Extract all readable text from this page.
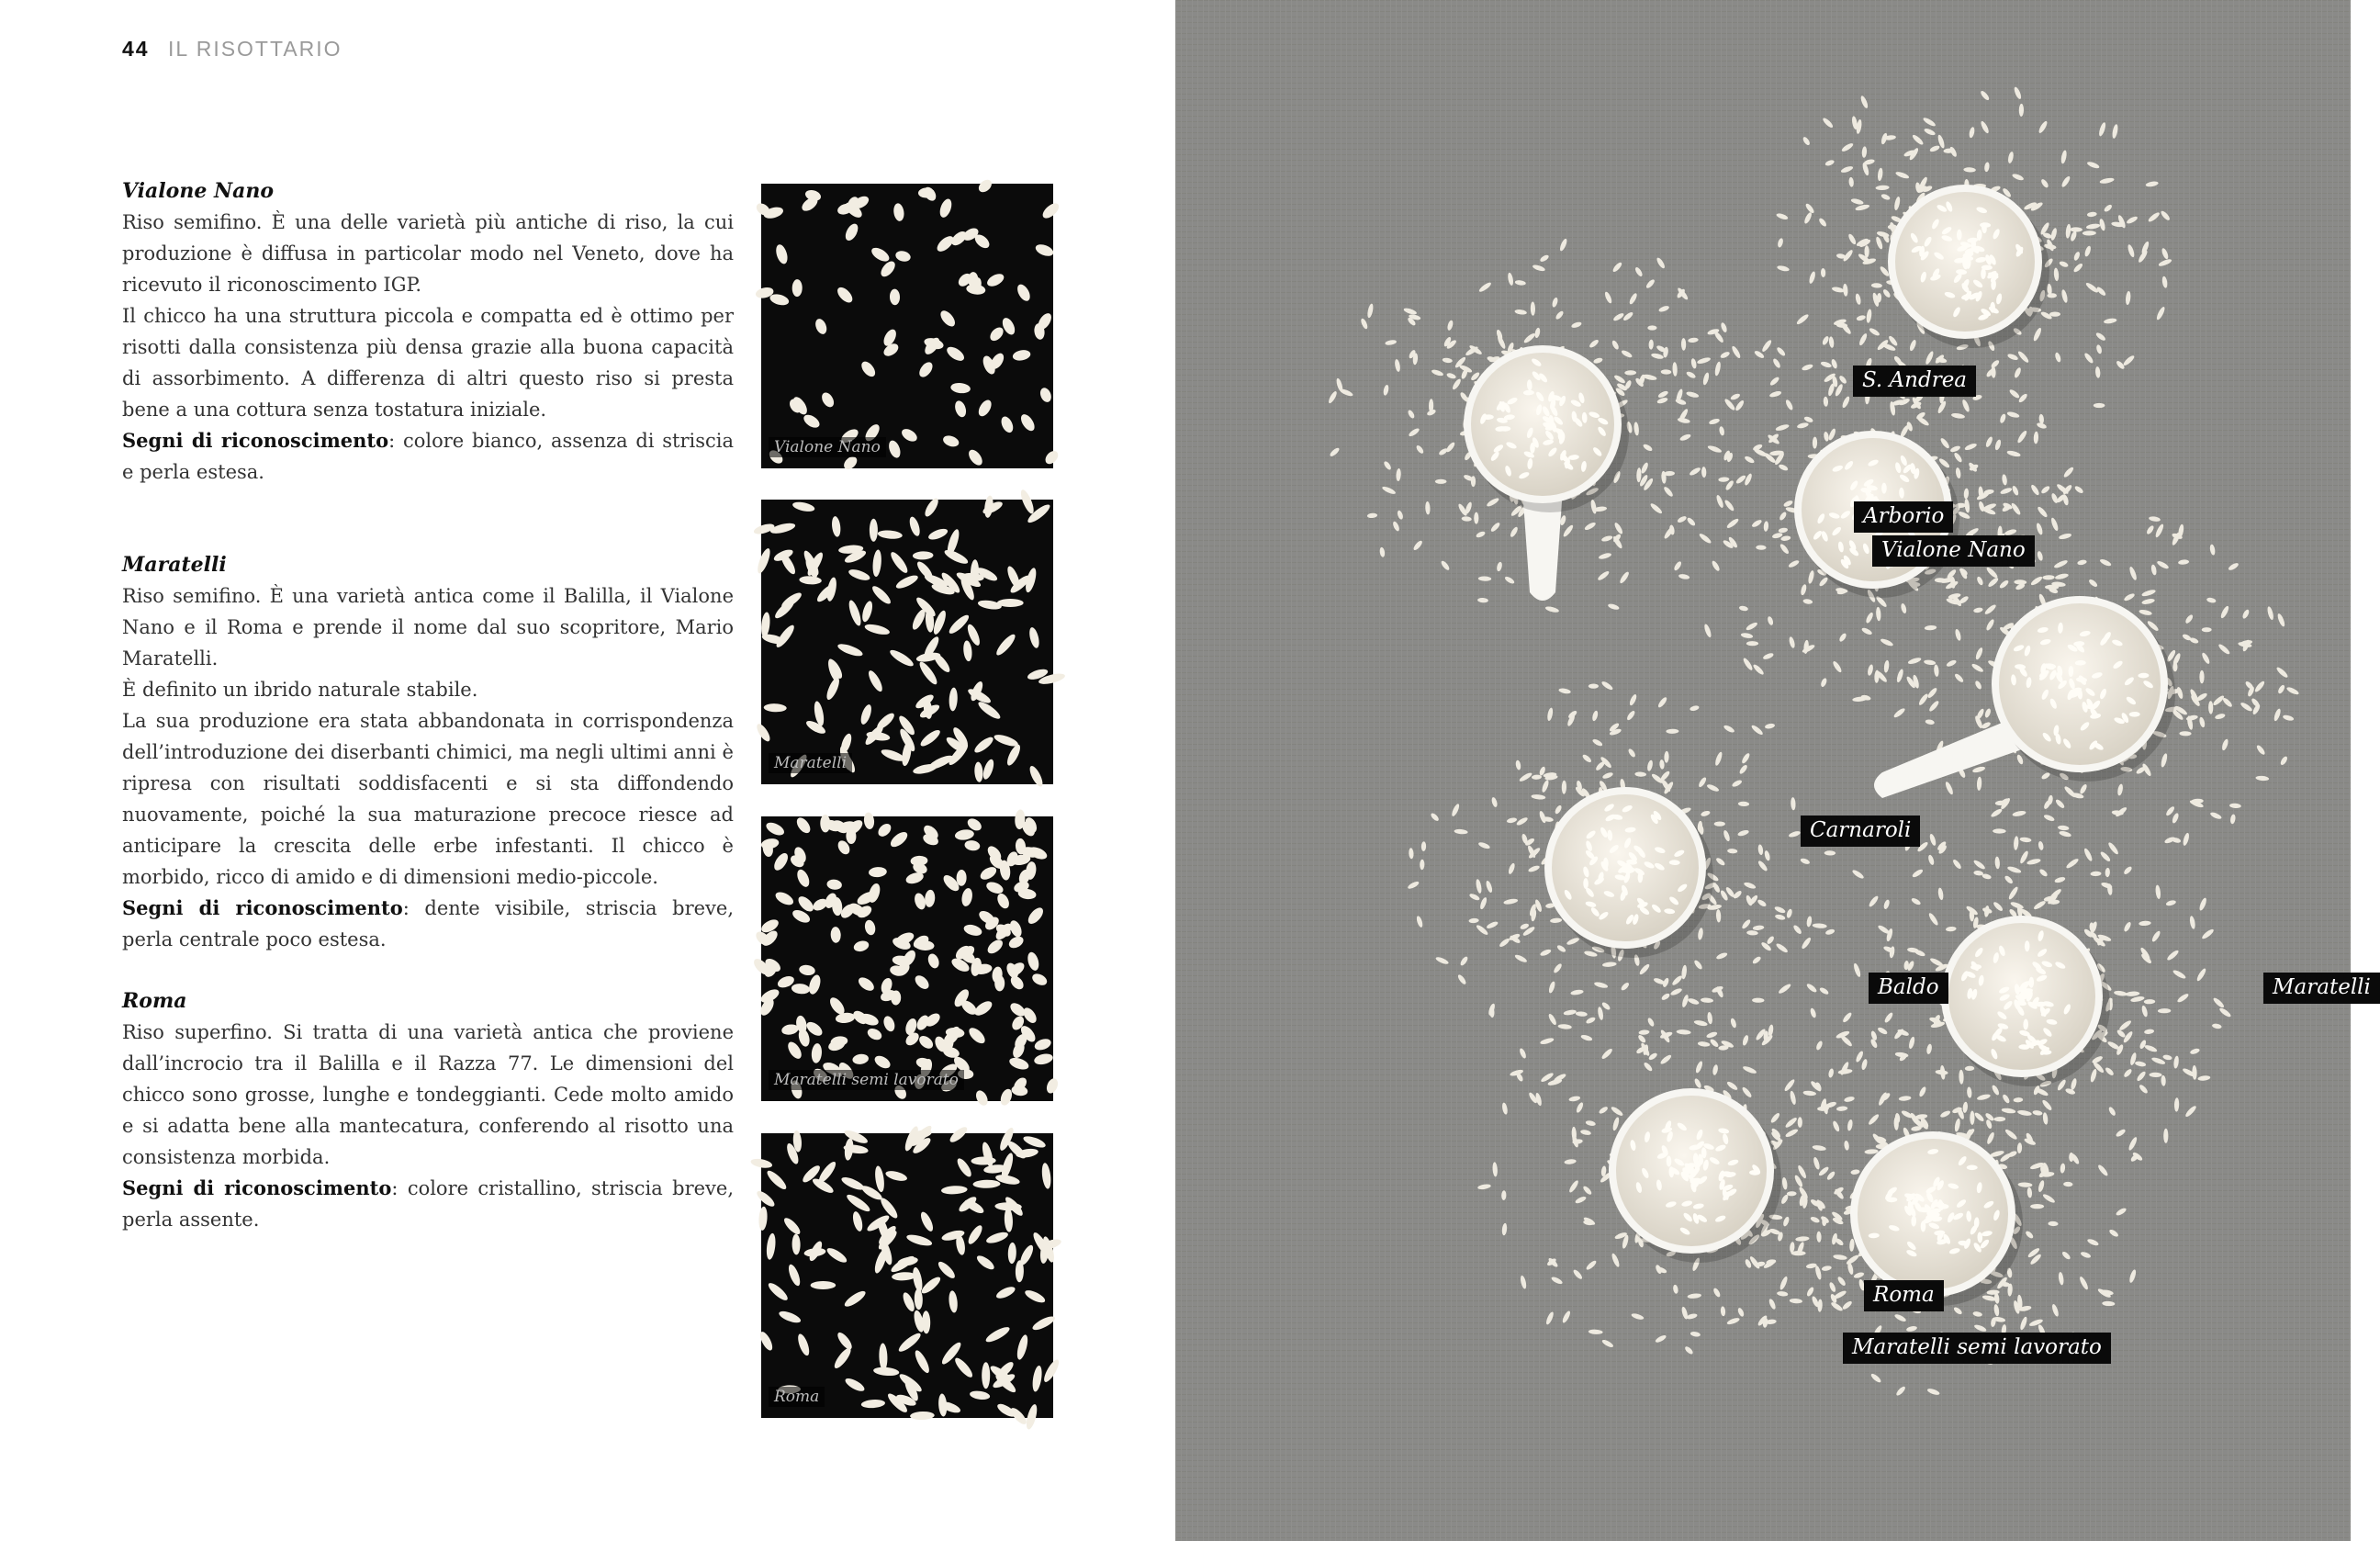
44 IL RISOTTARIO
Vialone Nano

Riso semifino. È una delle varietà più antiche di riso, la cui produzione è diffusa in particolar modo nel Veneto, dove ha ricevuto il riconoscimento IGP.

Il chicco ha una struttura piccola e compatta ed è ottimo per risotti dalla consistenza più densa grazie alla buona capacità di assorbimento. A differenza di altri questo riso si presta bene a una cottura senza tostatura iniziale.

Segni di riconoscimento: colore bianco, assenza di striscia e perla estesa.

Maratelli

Riso semifino. È una varietà antica come il Balilla, il Vialone Nano e il Roma e prende il nome dal suo scopritore, Mario Maratelli.

È definito un ibrido naturale stabile.

La sua produzione era stata abbandonata in corrispondenza dell’introduzione dei diserbanti chimici, ma negli ultimi anni è ripresa con risultati soddisfacenti e si sta diffondendo nuovamente, poiché la sua maturazione precoce riesce ad anticipare la crescita delle erbe infestanti. Il chicco è morbido, ricco di amido e di dimensioni medio-piccole.

Segni di riconoscimento: dente visibile, striscia breve, perla centrale poco estesa.

Roma

Riso superfino. Si tratta di una varietà antica che proviene dall’incrocio tra il Balilla e il Razza 77. Le dimensioni del chicco sono grosse, lunghe e tondeggianti. Cede molto amido e si adatta bene alla mantecatura, conferendo al risotto una consistenza morbida.

Segni di riconoscimento: colore cristallino, striscia breve, perla assente.

Vialone Nano
Maratelli
Maratelli semi lavorato
Roma
Vialone Nano
Baldo	Maratelli
Roma
Maratelli semi lavorato
Carnaroli
S. Andrea
Arborio
